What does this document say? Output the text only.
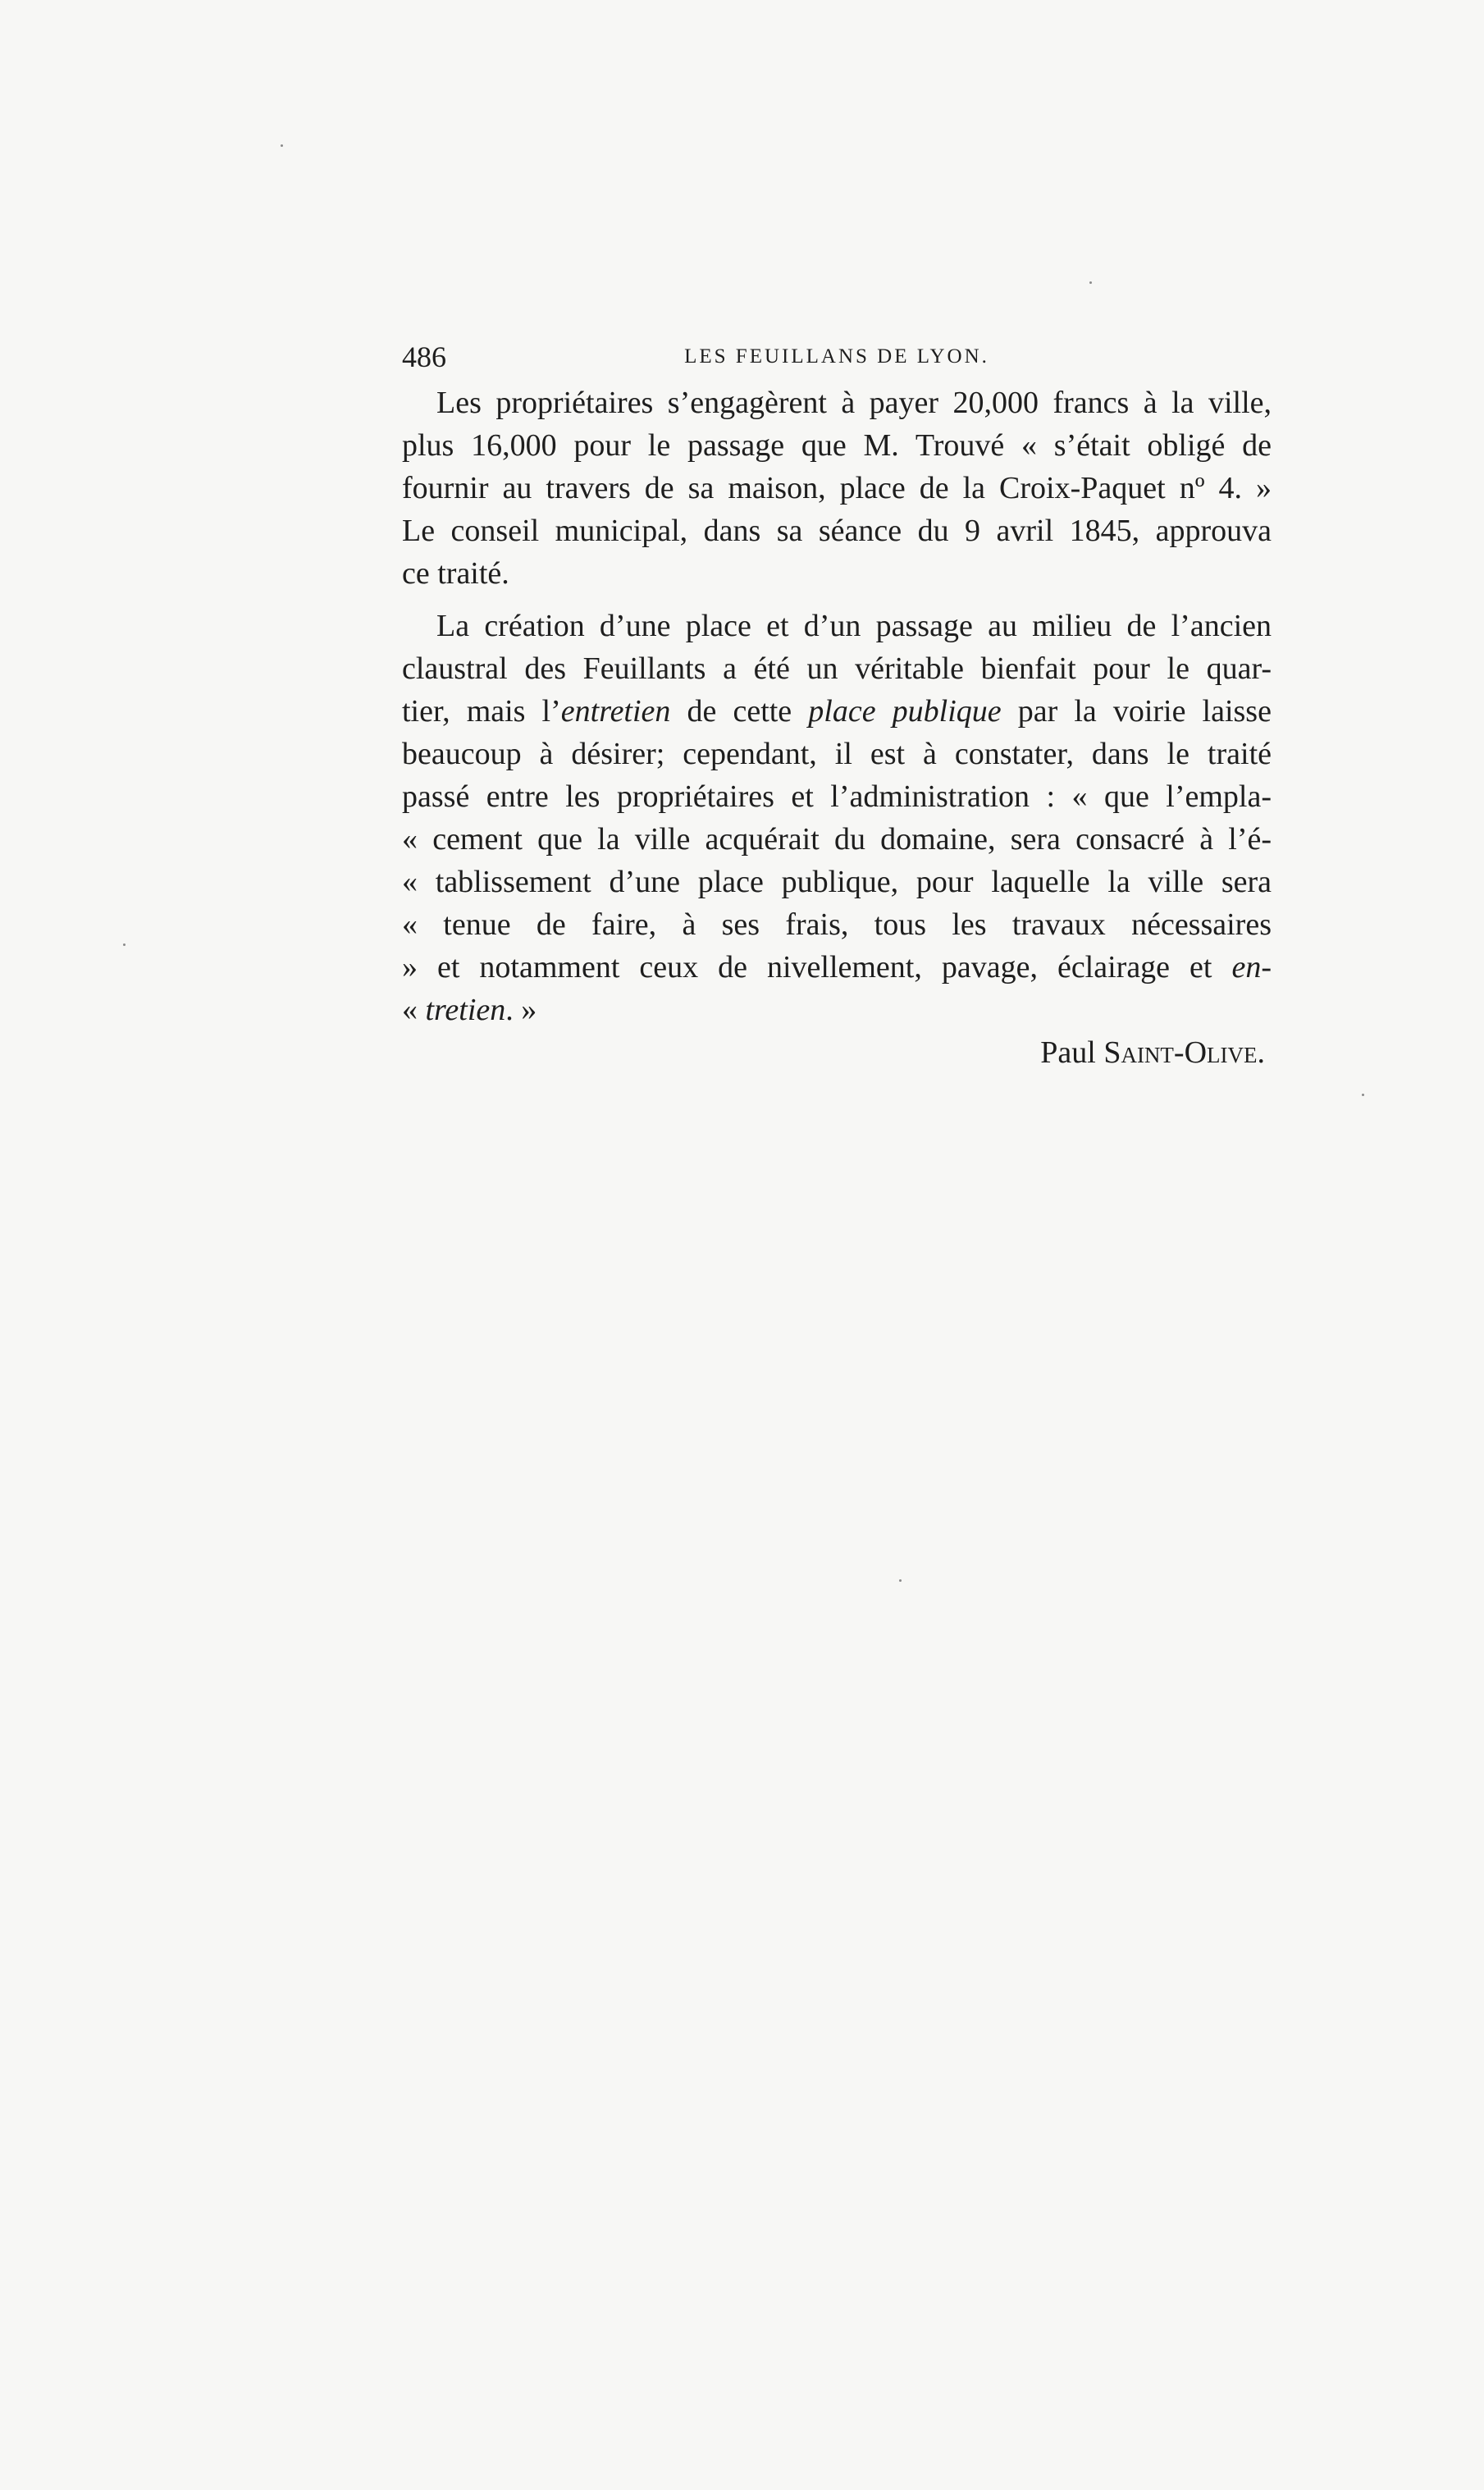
486	LES FEUILLANS DE LYON.
Les propriétaires s’engagèrent à payer 20,000 francs à la ville,
plus 16,000 pour le passage que M. Trouvé « s’était obligé de
fournir au travers de sa maison, place de la Croix-Paquet nº 4. »
Le conseil municipal, dans sa séance du 9 avril 1845, approuva
ce traité.
La création d’une place et d’un passage au milieu de l’ancien
claustral des Feuillants a été un véritable bienfait pour le quar-
tier, mais l’entretien de cette place publique par la voirie laisse
beaucoup à désirer; cependant, il est à constater, dans le traité
passé entre les propriétaires et l’administration : « que l’empla-
« cement que la ville acquérait du domaine, sera consacré à l’é-
« tablissement d’une place publique, pour laquelle la ville sera
« tenue de faire, à ses frais, tous les travaux nécessaires
» et notamment ceux de nivellement, pavage, éclairage et en-
« tretien. »
Paul Saint-Olive.
